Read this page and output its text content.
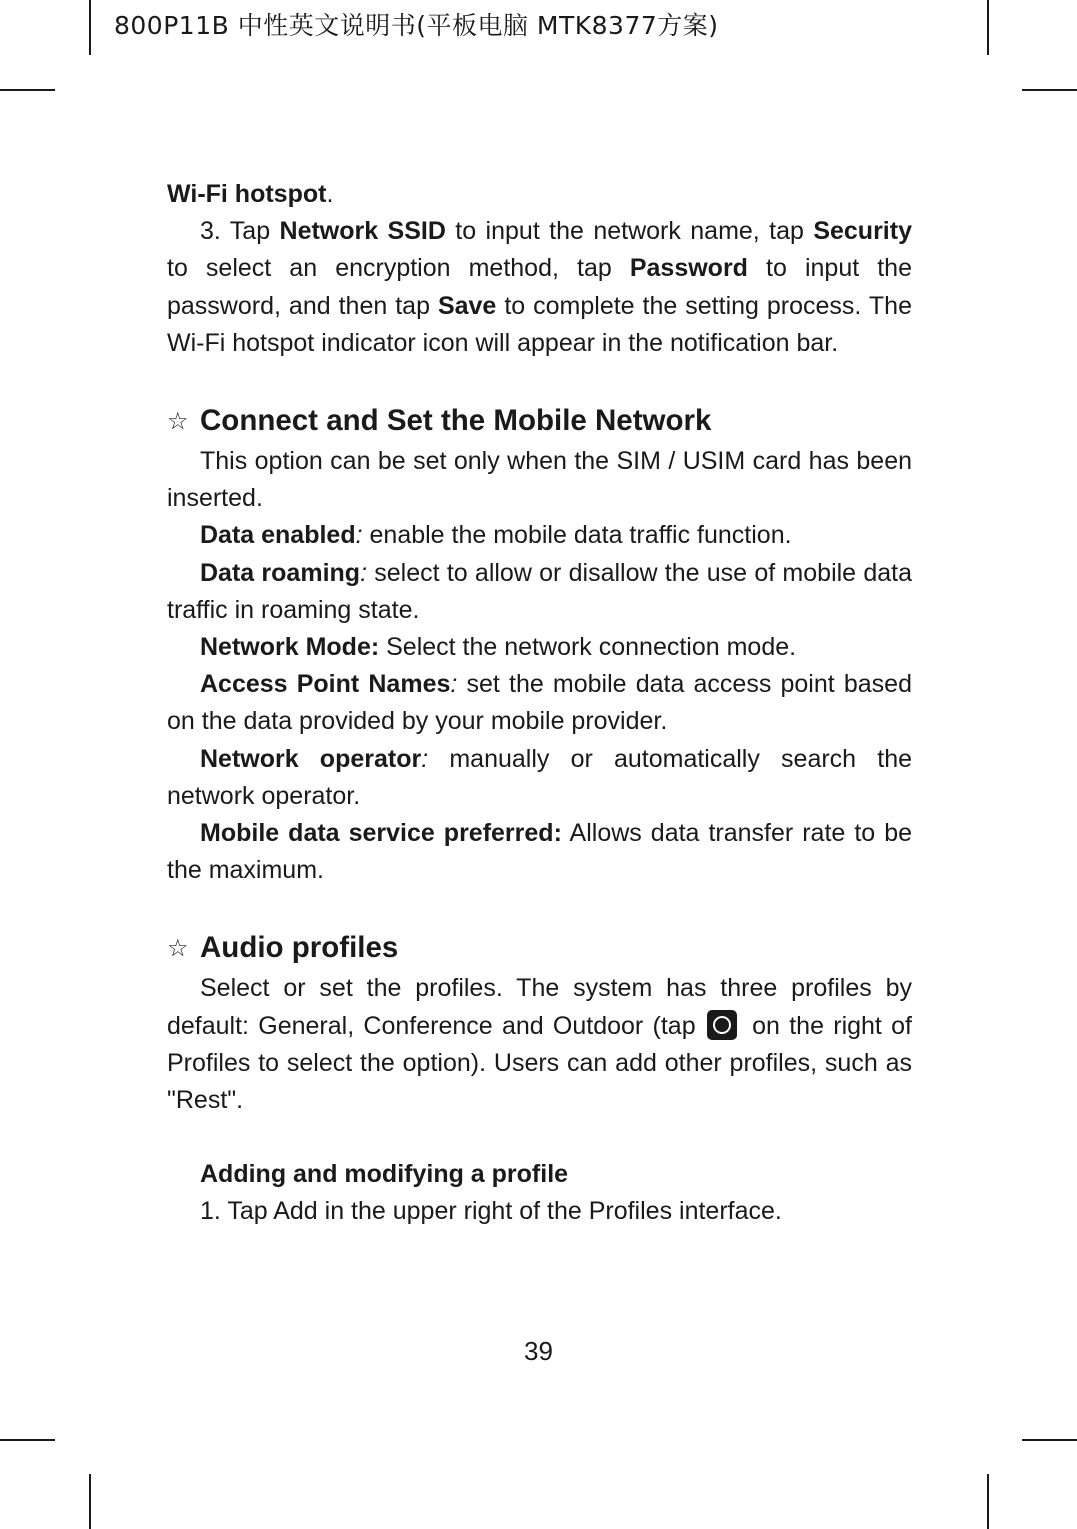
800P11B 中性英文说明书(平板电脑 MTK8377方案)

Wi-Fi hotspot.

3. Tap Network SSID to input the network name, tap Security to select an encryption method, tap Password to input the password, and then tap Save to complete the setting process. The Wi-Fi hotspot indicator icon will appear in the notification bar.

☆ Connect and Set the Mobile Network

This option can be set only when the SIM / USIM card has been inserted.

Data enabled: enable the mobile data traffic function.

Data roaming: select to allow or disallow the use of mobile data traffic in roaming state.

Network Mode: Select the network connection mode.

Access Point Names: set the mobile data access point based on the data provided by your mobile provider.

Network operator: manually or automatically search the network operator.

Mobile data service preferred: Allows data transfer rate to be the maximum.

☆ Audio profiles

Select or set the profiles. The system has three profiles by default: General, Conference and Outdoor (tap  on the right of Profiles to select the option). Users can add other profiles, such as "Rest".

Adding and modifying a profile

1. Tap Add in the upper right of the Profiles interface.

39
